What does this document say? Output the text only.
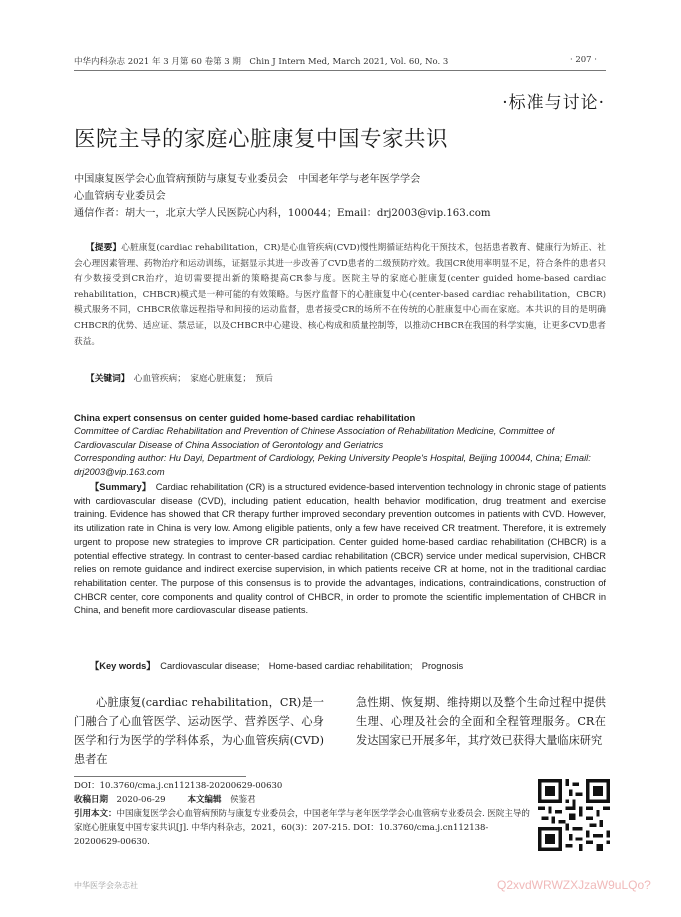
中华内科杂志 2021 年 3 月第 60 卷第 3 期　Chin J Intern Med, March 2021, Vol. 60, No. 3	· 207 ·
·标准与讨论·
医院主导的家庭心脏康复中国专家共识
中国康复医学会心血管病预防与康复专业委员会　中国老年学与老年医学学会
心血管病专业委员会
通信作者：胡大一，北京大学人民医院心内科，100044；Email：drj2003@vip.163.com
【提要】心脏康复(cardiac rehabilitation，CR)是心血管疾病(CVD)慢性期循证结构化干预技术，包括患者教育、健康行为矫正、社会心理因素管理、药物治疗和运动训练，证据显示其进一步改善了CVD患者的二级预防疗效。我国CR使用率明显不足，符合条件的患者只有少数接受到CR治疗，迫切需要提出新的策略提高CR参与度。医院主导的家庭心脏康复(center guided home-based cardiac rehabilitation，CHBCR)模式是一种可能的有效策略。与医疗监督下的心脏康复中心(center-based cardiac rehabilitation，CBCR)模式服务不同，CHBCR依靠远程指导和间接的运动监督，患者接受CR的场所不在传统的心脏康复中心而在家庭。本共识的目的是明确CHBCR的优势、适应证、禁忌证，以及CHBCR中心建设、核心构成和质量控制等，以推动CHBCR在我国的科学实施，让更多CVD患者获益。
【关键词】　 心血管疾病；　家庭心脏康复；　预后
China expert consensus on center guided home-based cardiac rehabilitation
Committee of Cardiac Rehabilitation and Prevention of Chinese Association of Rehabilitation Medicine, Committee of Cardiovascular Disease of China Association of Gerontology and Geriatrics
Corresponding author: Hu Dayi, Department of Cardiology, Peking University People's Hospital, Beijing 100044, China; Email: drj2003@vip.163.com
【Summary】　 Cardiac rehabilitation (CR) is a structured evidence-based intervention technology in chronic stage of patients with cardiovascular disease (CVD), including patient education, health behavior modification, drug treatment and exercise training. Evidence has showed that CR therapy further improved secondary prevention outcomes in patients with CVD. However, its utilization rate in China is very low. Among eligible patients, only a few have received CR treatment. Therefore, it is extremely urgent to propose new strategies to improve CR participation. Center guided home-based cardiac rehabilitation (CHBCR) is a potential effective strategy. In contrast to center-based cardiac rehabilitation (CBCR) service under medical supervision, CHBCR relies on remote guidance and indirect exercise supervision, in which patients receive CR at home, not in the traditional cardiac rehabilitation center. The purpose of this consensus is to provide the advantages, indications, contraindications, construction of CHBCR center, core components and quality control of CHBCR, in order to promote the scientific implementation of CHBCR in China, and benefit more cardiovascular disease patients.
【Key words】　 Cardiovascular disease;　Home-based cardiac rehabilitation;　Prognosis
心脏康复(cardiac rehabilitation，CR)是一门融合了心血管医学、运动医学、营养医学、心身医学和行为医学的学科体系，为心血管疾病(CVD)患者在
急性期、恢复期、维持期以及整个生命过程中提供生理、心理及社会的全面和全程管理服务。CR在发达国家已开展多年，其疗效已获得大量临床研究
DOI：10.3760/cma.j.cn112138-20200629-00630
收稿日期　 2020-06-29	本文编辑　 侯鉴君
引用本文：中国康复医学会心血管病预防与康复专业委员会，中国老年学与老年医学学会心血管病专业委员会. 医院主导的家庭心脏康复中国专家共识[J]. 中华内科杂志，2021，60(3)：207-215. DOI：10.3760/cma.j.cn112138-20200629-00630.
中华医学会杂志社	Q2xvdWRWZXJzaW9uLQo?
